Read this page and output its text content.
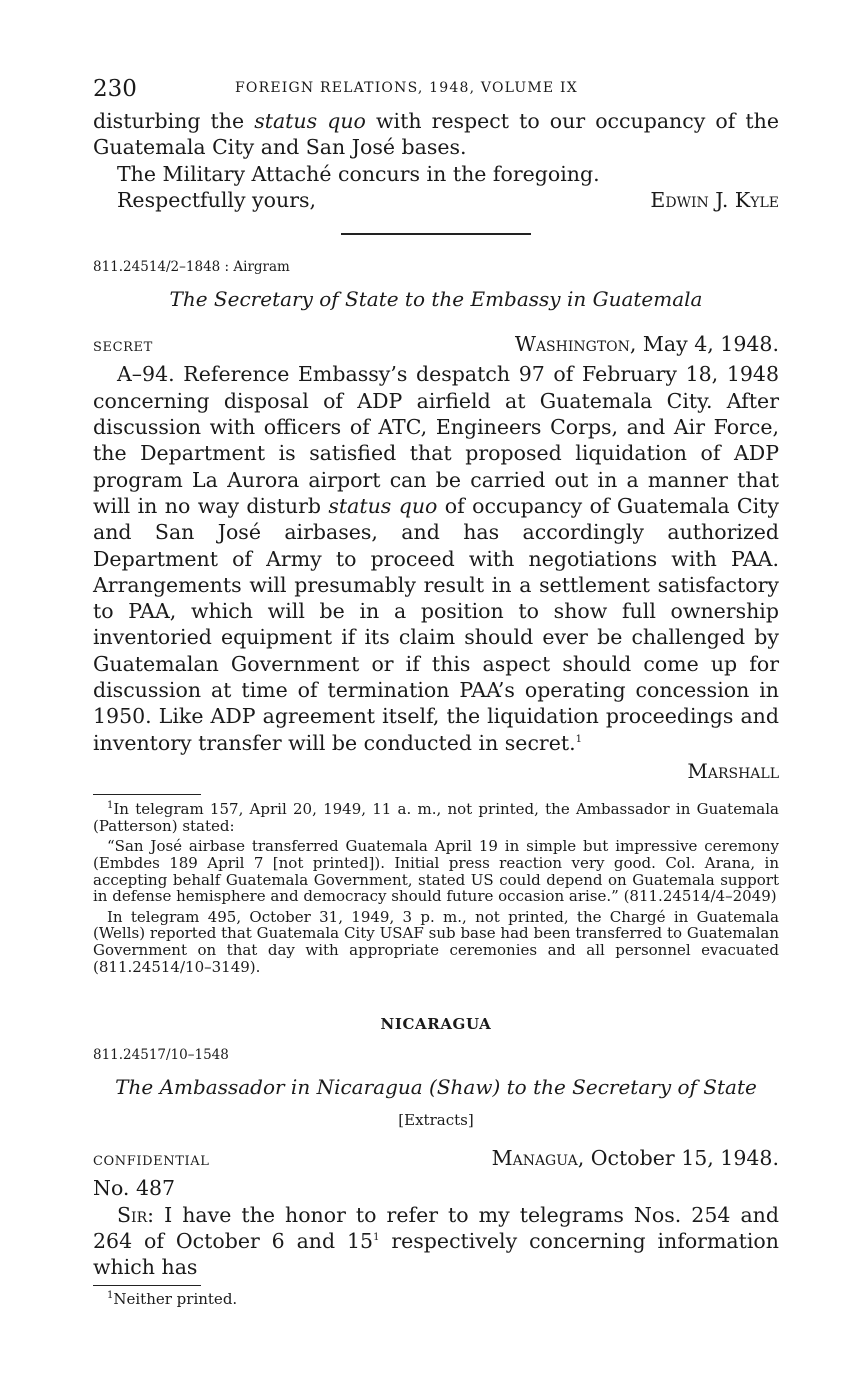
230	FOREIGN RELATIONS, 1948, VOLUME IX

disturbing the status quo with respect to our occupancy of the Guatemala City and San José bases.

The Military Attaché concurs in the foregoing.

Respectfully yours,	Edwin J. Kyle
811.24514/2–1848 : Airgram
The Secretary of State to the Embassy in Guatemala
SECRET	Washington, May 4, 1948.

A–94. Reference Embassy’s despatch 97 of February 18, 1948 concerning disposal of ADP airfield at Guatemala City. After discussion with officers of ATC, Engineers Corps, and Air Force, the Department is satisfied that proposed liquidation of ADP program La Aurora airport can be carried out in a manner that will in no way disturb status quo of occupancy of Guatemala City and San José airbases, and has accordingly authorized Department of Army to proceed with negotiations with PAA. Arrangements will presumably result in a settlement satisfactory to PAA, which will be in a position to show full ownership inventoried equipment if its claim should ever be challenged by Guatemalan Government or if this aspect should come up for discussion at time of termination PAA’s operating concession in 1950. Like ADP agreement itself, the liquidation proceedings and inventory transfer will be conducted in secret.$^1$

Marshall

$^1$In telegram 157, April 20, 1949, 11 a. m., not printed, the Ambassador in Guatemala (Patterson) stated:

“San José airbase transferred Guatemala April 19 in simple but impressive ceremony (Embdes 189 April 7 [not printed]). Initial press reaction very good. Col. Arana, in accepting behalf Guatemala Government, stated US could depend on Guatemala support in defense hemisphere and democracy should future occasion arise.” (811.24514/4–2049)

In telegram 495, October 31, 1949, 3 p. m., not printed, the Chargé in Guatemala (Wells) reported that Guatemala City USAF sub base had been transferred to Guatemalan Government on that day with appropriate ceremonies and all personnel evacuated (811.24514/10–3149).

NICARAGUA
811.24517/10–1548
The Ambassador in Nicaragua (Shaw) to the Secretary of State
[Extracts]
CONFIDENTIAL	Managua, October 15, 1948.

No. 487

Sir: I have the honor to refer to my telegrams Nos. 254 and 264 of October 6 and $15^1$ respectively concerning information which has

$^1$Neither printed.
